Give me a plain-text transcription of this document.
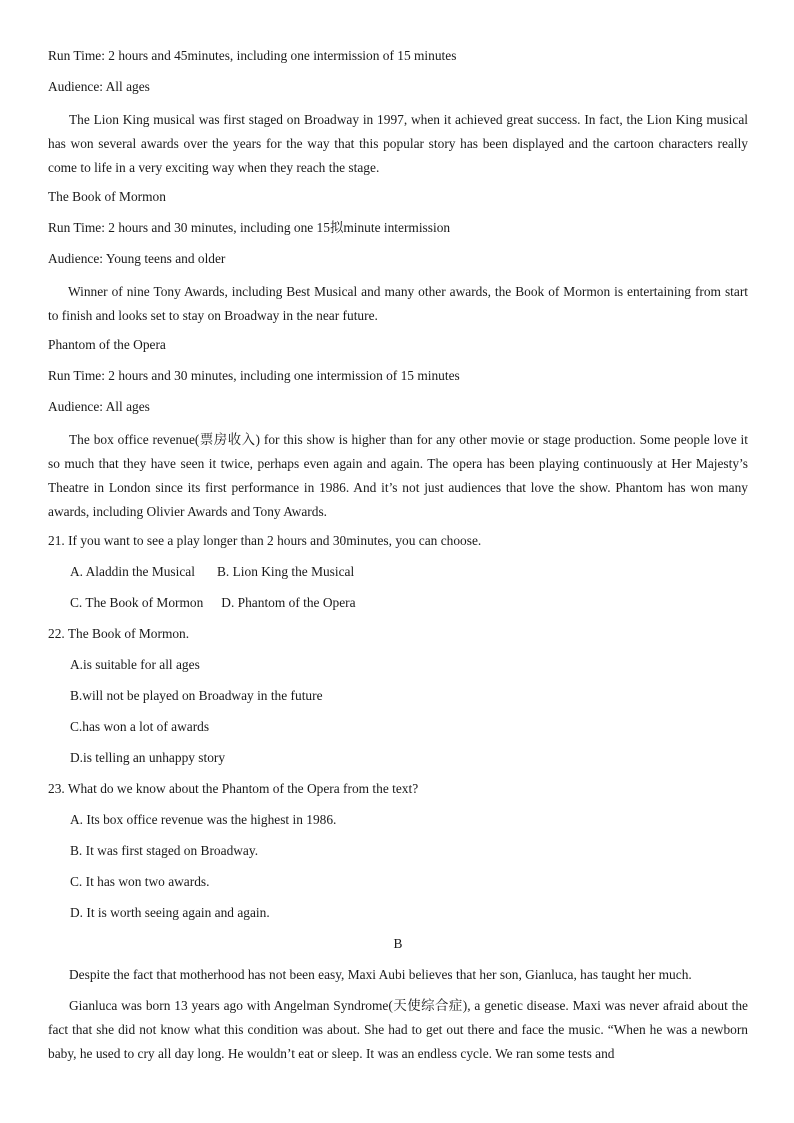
Run Time: 2 hours and 45minutes, including one intermission of 15 minutes
Audience: All ages

The Lion King musical was first staged on Broadway in 1997, when it achieved great success. In fact, the Lion King musical has won several awards over the years for the way that this popular story has been displayed and the cartoon characters really come to life in a very exciting way when they reach the stage.

The Book of Mormon
Run Time: 2 hours and 30 minutes, including one 15拟minute intermission
Audience: Young teens and older

Winner of nine Tony Awards, including Best Musical and many other awards, the Book of Mormon is entertaining from start to finish and looks set to stay on Broadway in the near future.

Phantom of the Opera
Run Time: 2 hours and 30 minutes, including one intermission of 15 minutes
Audience: All ages

The box office revenue(票房收入) for this show is higher than for any other movie or stage production. Some people love it so much that they have seen it twice, perhaps even again and again. The opera has been playing continuously at Her Majesty’s Theatre in London since its first performance in 1986. And it’s not just audiences that love the show. Phantom has won many awards, including Olivier Awards and Tony Awards.

21. If you want to see a play longer than 2 hours and 30minutes, you can choose.
A. Aladdin the Musical B. Lion King the Musical
C. The Book of Mormon D. Phantom of the Opera
22. The Book of Mormon.
A.is suitable for all ages
B.will not be played on Broadway in the future
C.has won a lot of awards
D.is telling an unhappy story
23. What do we know about the Phantom of the Opera from the text?
A. Its box office revenue was the highest in 1986.
B. It was first staged on Broadway.
C. It has won two awards.
D. It is worth seeing again and again.
B

Despite the fact that motherhood has not been easy, Maxi Aubi believes that her son, Gianluca, has taught her much.

Gianluca was born 13 years ago with Angelman Syndrome(天使综合症), a genetic disease. Maxi was never afraid about the fact that she did not know what this condition was about. She had to get out there and face the music. “When he was a newborn baby, he used to cry all day long. He wouldn’t eat or sleep. It was an endless cycle. We ran some tests and
